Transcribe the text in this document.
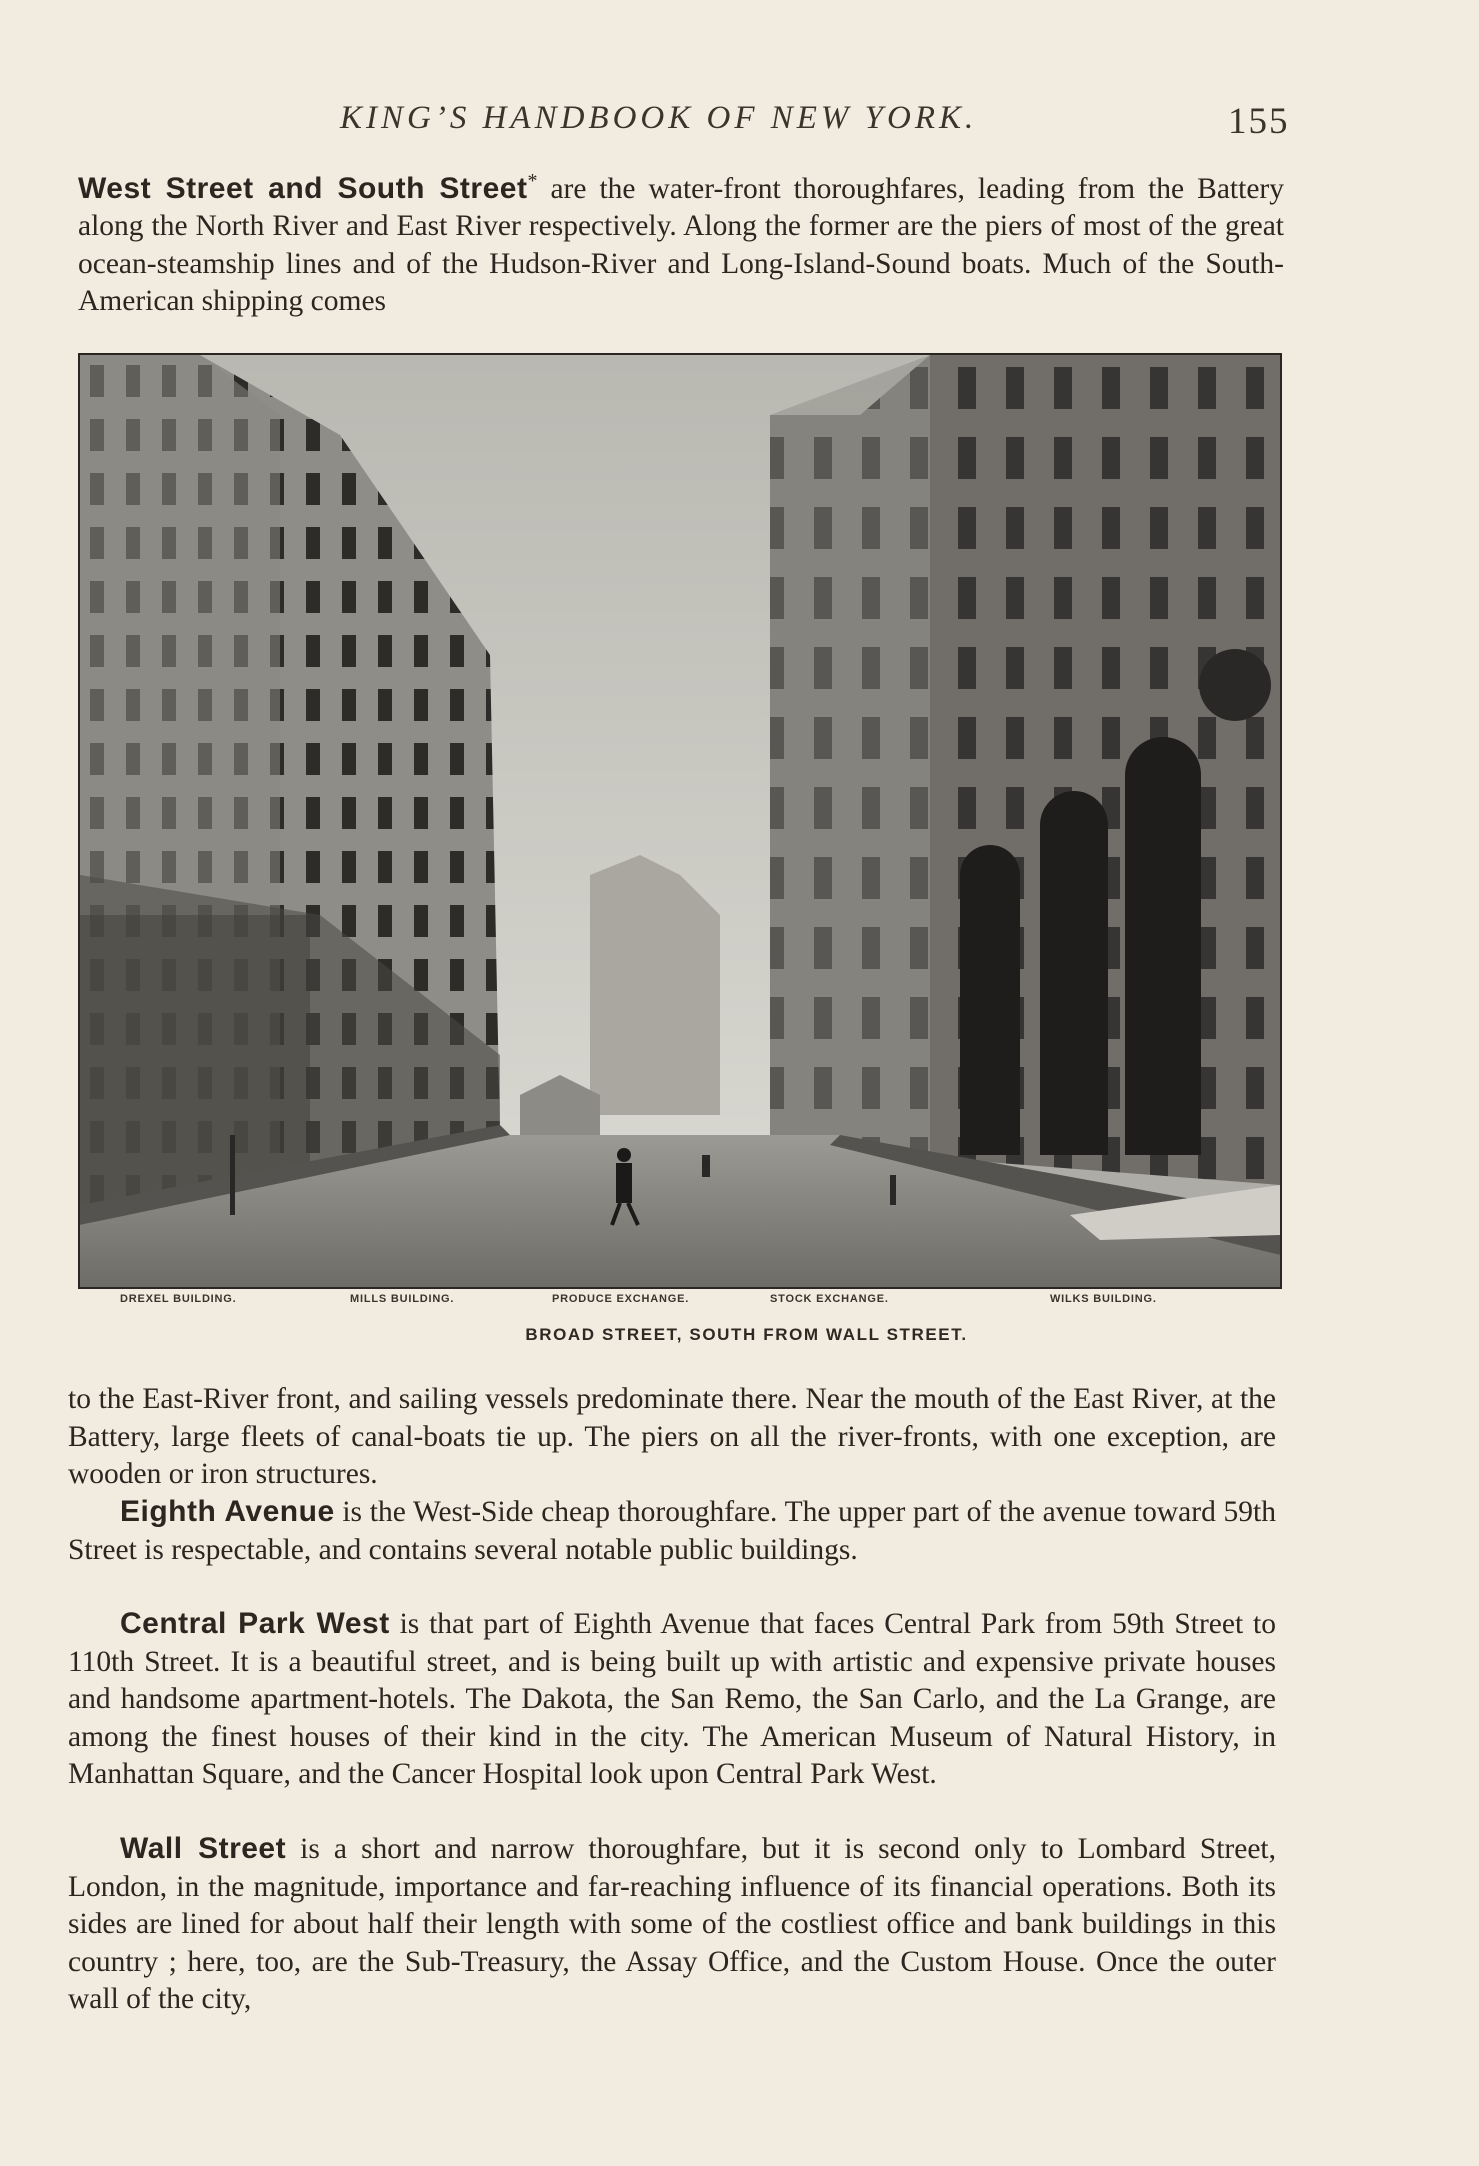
KING’S HANDBOOK OF NEW YORK.	155

West Street and South Street* are the water-front thoroughfares, leading from the Battery along the North River and East River respectively. Along the former are the piers of most of the great ocean-steamship lines and of the Hudson-River and Long-Island-Sound boats. Much of the South-American shipping comes

DREXEL BUILDING.	MILLS BUILDING.	PRODUCE EXCHANGE.	STOCK EXCHANGE.	WILKS BUILDING.
BROAD STREET, SOUTH FROM WALL STREET.

to the East-River front, and sailing vessels predominate there. Near the mouth of the East River, at the Battery, large fleets of canal-boats tie up. The piers on all the river-fronts, with one exception, are wooden or iron structures.

Eighth Avenue is the West-Side cheap thoroughfare. The upper part of the avenue toward 59th Street is respectable, and contains several notable public buildings.

Central Park West is that part of Eighth Avenue that faces Central Park from 59th Street to 110th Street. It is a beautiful street, and is being built up with artistic and expensive private houses and handsome apartment-hotels. The Dakota, the San Remo, the San Carlo, and the La Grange, are among the finest houses of their kind in the city. The American Museum of Natural History, in Manhattan Square, and the Cancer Hospital look upon Central Park West.

Wall Street is a short and narrow thoroughfare, but it is second only to Lombard Street, London, in the magnitude, importance and far-reaching influence of its financial operations. Both its sides are lined for about half their length with some of the costliest office and bank buildings in this country ; here, too, are the Sub-Treasury, the Assay Office, and the Custom House. Once the outer wall of the city,
